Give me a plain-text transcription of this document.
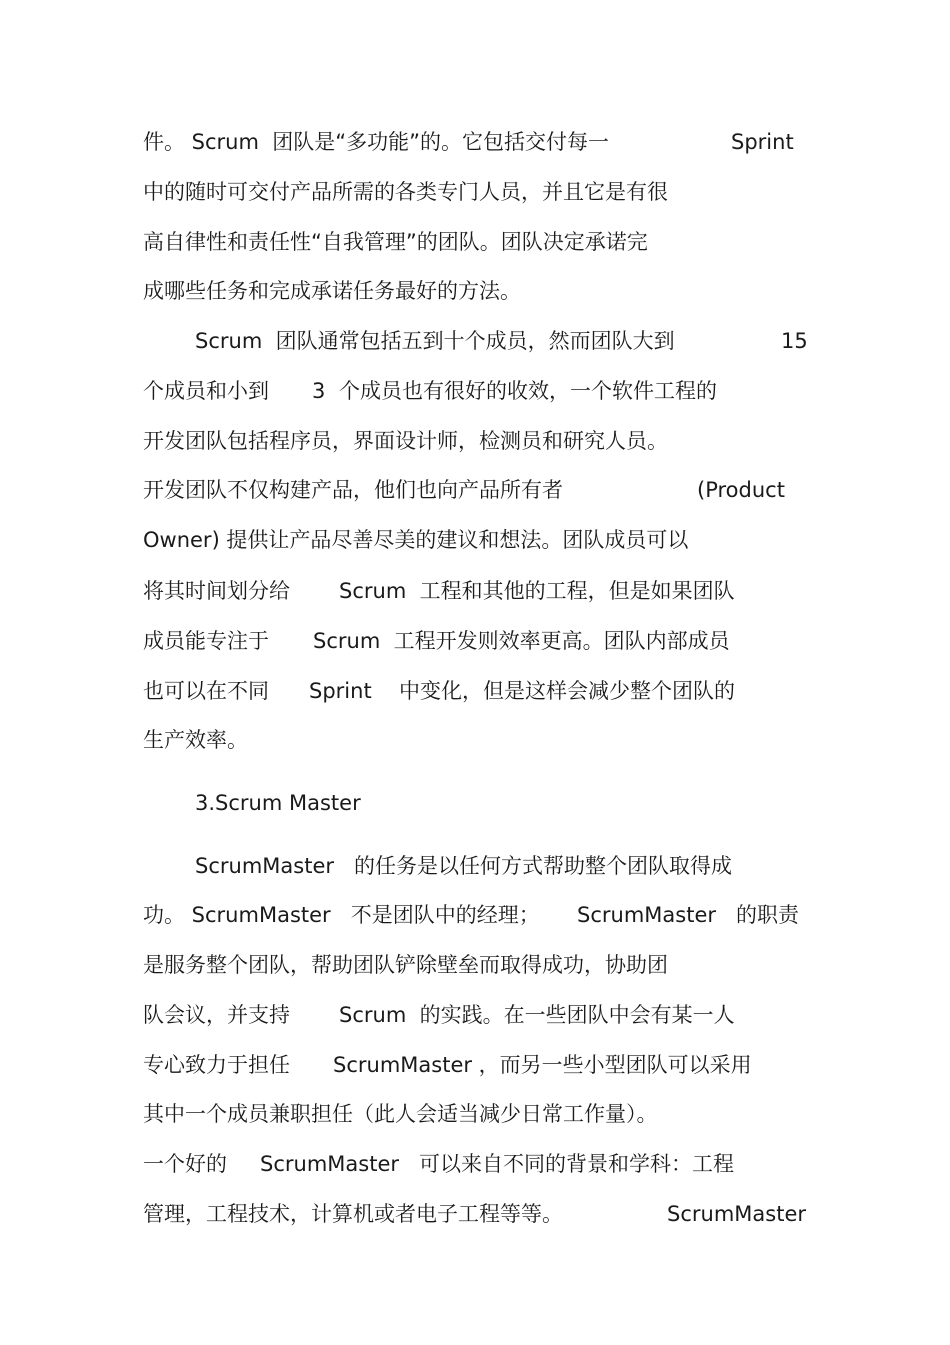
件。 Scrum  团队是“多功能”的。它包括交付每一

	Sprint

中的随时可交付产品所需的各类专门人员，并且它是有很

高自律性和责任性“自我管理”的团队。团队决定承诺完

成哪些任务和完成承诺任务最好的方法。

Scrum  团队通常包括五到十个成员，然而团队大到

	15

个成员和小到

3

个成员也有很好的收效，一个软件工程的

开发团队包括程序员，界面设计师，检测员和研究人员。

开发团队不仅构建产品，他们也向产品所有者

	(Product

Owner) 提供让产品尽善尽美的建议和想法。团队成员可以

将其时间划分给

Scrum  工程和其他的工程，但是如果团队

成员能专注于

Scrum  工程开发则效率更高。团队内部成员

也可以在不同

Sprint

中变化，但是这样会减少整个团队的

生产效率。

3.Scrum Master

ScrumMaster   的任务是以任何方式帮助整个团队取得成

功。 ScrumMaster   不是团队中的经理；

ScrumMaster   的职责

是服务整个团队，帮助团队铲除壁垒而取得成功，协助团

队会议，并支持

Scrum  的实践。在一些团队中会有某一人

专心致力于担任

ScrumMaster ，而另一些小型团队可以采用

其中一个成员兼职担任（此人会适当减少日常工作量）。

一个好的

ScrumMaster   可以来自不同的背景和学科：工程

管理，工程技术，计算机或者电子工程等等。

	ScrumMaster
